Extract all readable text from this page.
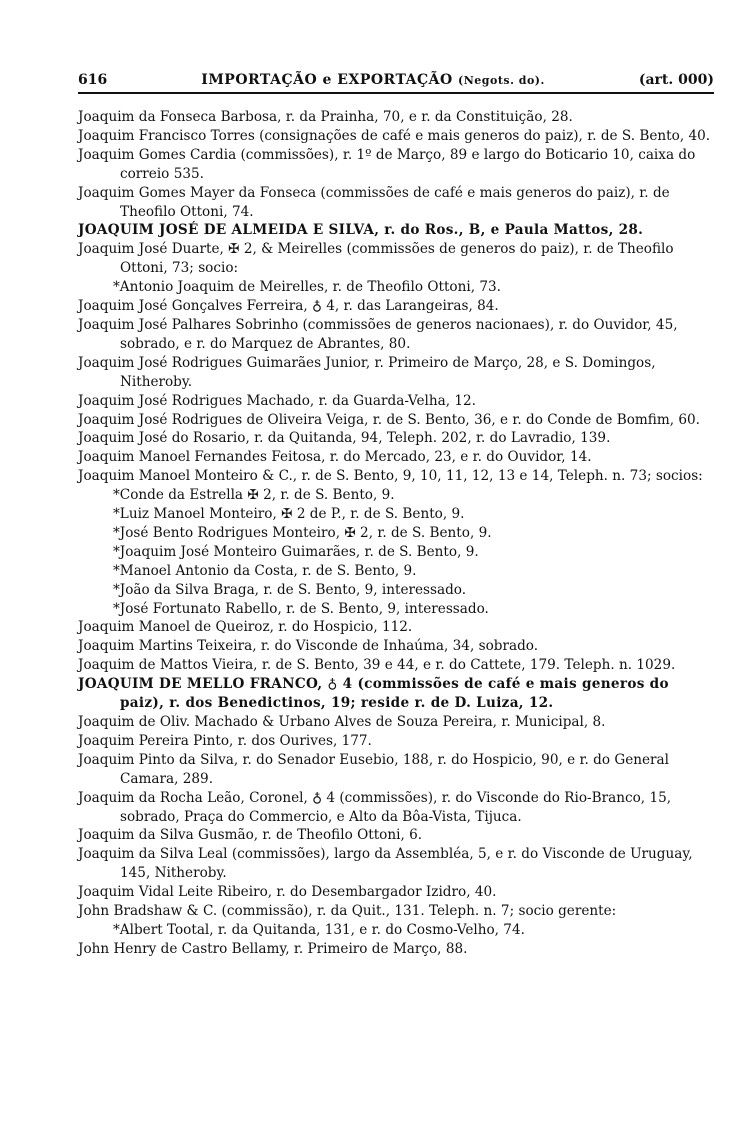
616	IMPORTAÇÃO e EXPORTAÇÃO (Negots. do).	(art. 000)
Joaquim da Fonseca Barbosa, r. da Prainha, 70, e r. da Constituição, 28.
Joaquim Francisco Torres (consignações de café e mais generos do paiz), r. de S. Bento, 40.
Joaquim Gomes Cardia (commissões), r. 1º de Março, 89 e largo do Boticario 10, caixa do correio 535.
Joaquim Gomes Mayer da Fonseca (commissões de café e mais generos do paiz), r. de Theofilo Ottoni, 74.
JOAQUIM JOSÉ DE ALMEIDA E SILVA, r. do Ros., B, e Paula Mattos, 28.
Joaquim José Duarte, ✠ 2, & Meirelles (commissões de generos do paiz), r. de Theofilo Ottoni, 73; socio:
*Antonio Joaquim de Meirelles, r. de Theofilo Ottoni, 73.
Joaquim José Gonçalves Ferreira, ♁ 4, r. das Larangeiras, 84.
Joaquim José Palhares Sobrinho (commissões de generos nacionaes), r. do Ouvidor, 45, sobrado, e r. do Marquez de Abrantes, 80.
Joaquim José Rodrigues Guimarães Junior, r. Primeiro de Março, 28, e S. Domingos, Nitheroby.
Joaquim José Rodrigues Machado, r. da Guarda-Velha, 12.
Joaquim José Rodrigues de Oliveira Veiga, r. de S. Bento, 36, e r. do Conde de Bomfim, 60.
Joaquim José do Rosario, r. da Quitanda, 94, Teleph. 202, r. do Lavradio, 139.
Joaquim Manoel Fernandes Feitosa, r. do Mercado, 23, e r. do Ouvidor, 14.
Joaquim Manoel Monteiro & C., r. de S. Bento, 9, 10, 11, 12, 13 e 14, Teleph. n. 73; socios:
*Conde da Estrella ✠ 2, r. de S. Bento, 9.
*Luiz Manoel Monteiro, ✠ 2 de P., r. de S. Bento, 9.
*José Bento Rodrigues Monteiro, ✠ 2, r. de S. Bento, 9.
*Joaquim José Monteiro Guimarães, r. de S. Bento, 9.
*Manoel Antonio da Costa, r. de S. Bento, 9.
*João da Silva Braga, r. de S. Bento, 9, interessado.
*José Fortunato Rabello, r. de S. Bento, 9, interessado.
Joaquim Manoel de Queiroz, r. do Hospicio, 112.
Joaquim Martins Teixeira, r. do Visconde de Inhaúma, 34, sobrado.
Joaquim de Mattos Vieira, r. de S. Bento, 39 e 44, e r. do Cattete, 179. Teleph. n. 1029.
JOAQUIM DE MELLO FRANCO, ♁ 4 (commissões de café e mais generos do paiz), r. dos Benedictinos, 19; reside r. de D. Luiza, 12.
Joaquim de Oliv. Machado & Urbano Alves de Souza Pereira, r. Municipal, 8.
Joaquim Pereira Pinto, r. dos Ourives, 177.
Joaquim Pinto da Silva, r. do Senador Eusebio, 188, r. do Hospicio, 90, e r. do General Camara, 289.
Joaquim da Rocha Leão, Coronel, ♁ 4 (commissões), r. do Visconde do Rio-Branco, 15, sobrado, Praça do Commercio, e Alto da Bôa-Vista, Tijuca.
Joaquim da Silva Gusmão, r. de Theofilo Ottoni, 6.
Joaquim da Silva Leal (commissões), largo da Assembléa, 5, e r. do Visconde de Uruguay, 145, Nitheroby.
Joaquim Vidal Leite Ribeiro, r. do Desembargador Izidro, 40.
John Bradshaw & C. (commissão), r. da Quit., 131. Teleph. n. 7; socio gerente:
*Albert Tootal, r. da Quitanda, 131, e r. do Cosmo-Velho, 74.
John Henry de Castro Bellamy, r. Primeiro de Março, 88.
